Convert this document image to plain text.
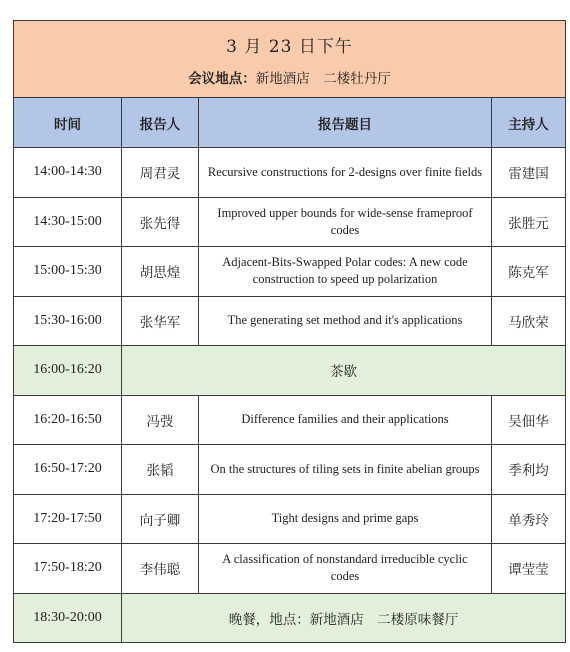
3 月 23 日下午
会议地点：新地酒店　二楼牡丹厅			

时间	报告人	报告题目	主持人
14:00-14:30	周君灵	Recursive constructions for 2-designs over finite fields	雷建国
14:30-15:00	张先得	Improved upper bounds for wide-sense frameproof codes	张胜元
15:00-15:30	胡思煌	Adjacent-Bits-Swapped Polar codes: A new code construction to speed up polarization	陈克军
15:30-16:00	张华军	The generating set method and it's applications	马欣荣
16:00-16:20	茶歇		
16:20-16:50	冯弢	Difference families and their applications	吴佃华
16:50-17:20	张韬	On the structures of tiling sets in finite abelian groups	季利均
17:20-17:50	向子卿	Tight designs and prime gaps	单秀玲
17:50-18:20	李伟聪	A classification of nonstandard irreducible cyclic codes	谭莹莹
18:30-20:00	晚餐，地点：新地酒店　二楼原味餐厅		
